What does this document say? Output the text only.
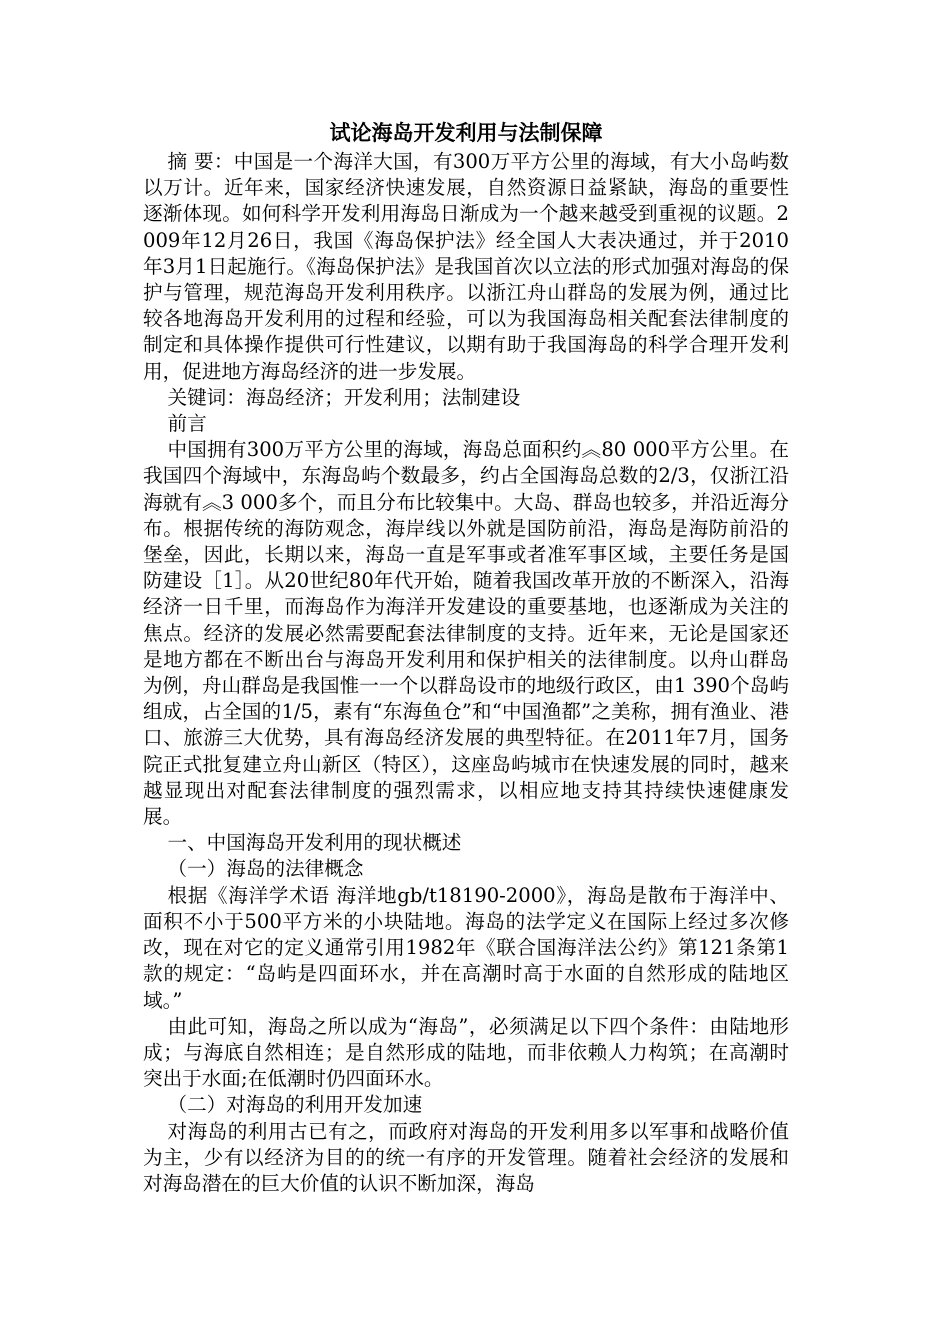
试论海岛开发利用与法制保障

摘 要：中国是一个海洋大国，有300万平方公里的海域，有大小岛屿数以万计。近年来，国家经济快速发展，自然资源日益紧缺，海岛的重要性逐渐体现。如何科学开发利用海岛日渐成为一个越来越受到重视的议题。2009年12月26日，我国《海岛保护法》经全国人大表决通过，并于2010年3月1日起施行。《海岛保护法》是我国首次以立法的形式加强对海岛的保护与管理，规范海岛开发利用秩序。以浙江舟山群岛的发展为例，通过比较各地海岛开发利用的过程和经验，可以为我国海岛相关配套法律制度的制定和具体操作提供可行性建议，以期有助于我国海岛的科学合理开发利用，促进地方海岛经济的进一步发展。

关键词：海岛经济；开发利用；法制建设

前言

中国拥有300万平方公里的海域，海岛总面积约︽80 000平方公里。在我国四个海域中，东海岛屿个数最多，约占全国海岛总数的2/3，仅浙江沿海就有︽3 000多个，而且分布比较集中。大岛、群岛也较多，并沿近海分布。根据传统的海防观念，海岸线以外就是国防前沿，海岛是海防前沿的堡垒，因此，长期以来，海岛一直是军事或者准军事区域，主要任务是国防建设［1］。从20世纪80年代开始，随着我国改革开放的不断深入，沿海经济一日千里，而海岛作为海洋开发建设的重要基地，也逐渐成为关注的焦点。经济的发展必然需要配套法律制度的支持。近年来，无论是国家还是地方都在不断出台与海岛开发利用和保护相关的法律制度。以舟山群岛为例，舟山群岛是我国惟一一个以群岛设市的地级行政区，由1 390个岛屿组成，占全国的1/5，素有“东海鱼仓”和“中国渔都”之美称，拥有渔业、港口、旅游三大优势，具有海岛经济发展的典型特征。在2011年7月，国务院正式批复建立舟山新区（特区），这座岛屿城市在快速发展的同时，越来越显现出对配套法律制度的强烈需求，以相应地支持其持续快速健康发展。

一、中国海岛开发利用的现状概述

（一）海岛的法律概念

根据《海洋学术语 海洋地gb/t18190-2000》，海岛是散布于海洋中、面积不小于500平方米的小块陆地。海岛的法学定义在国际上经过多次修改，现在对它的定义通常引用1982年《联合国海洋法公约》第121条第1款的规定：“岛屿是四面环水，并在高潮时高于水面的自然形成的陆地区域。”

由此可知，海岛之所以成为“海岛”，必须满足以下四个条件：由陆地形成；与海底自然相连；是自然形成的陆地，而非依赖人力构筑；在高潮时突出于水面;在低潮时仍四面环水。

（二）对海岛的利用开发加速

对海岛的利用古已有之，而政府对海岛的开发利用多以军事和战略价值为主，少有以经济为目的的统一有序的开发管理。随着社会经济的发展和对海岛潜在的巨大价值的认识不断加深，海岛
